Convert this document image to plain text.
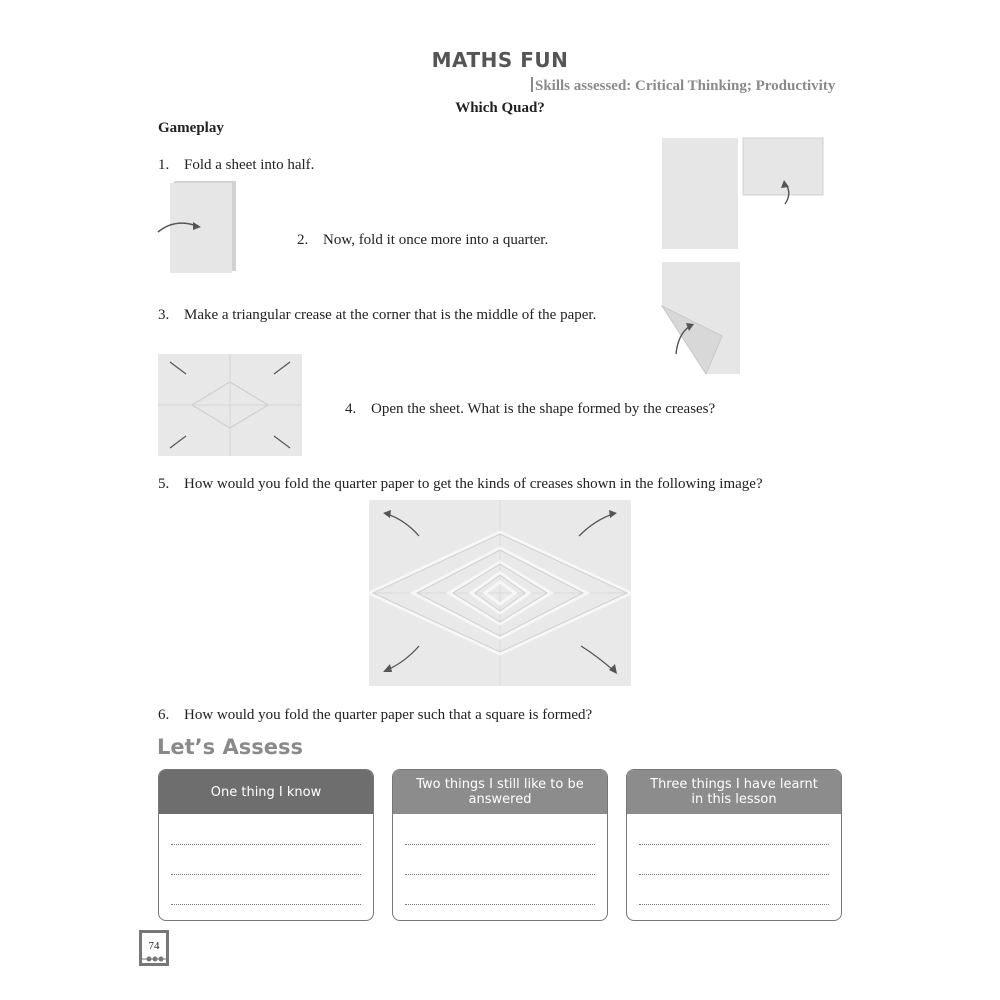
MATHS FUN
Skills assessed: Critical Thinking; Productivity
Which Quad?
Gameplay
1. Fold a sheet into half.
2. Now, fold it once more into a quarter.
3. Make a triangular crease at the corner that is the middle of the paper.
4. Open the sheet. What is the shape formed by the creases?
5. How would you fold the quarter paper to get the kinds of creases shown in the following image?
6. How would you fold the quarter paper such that a square is formed?
Let’s Assess
One thing I know	Two things I still like to be answered
Three things I have learnt in this lesson
74
